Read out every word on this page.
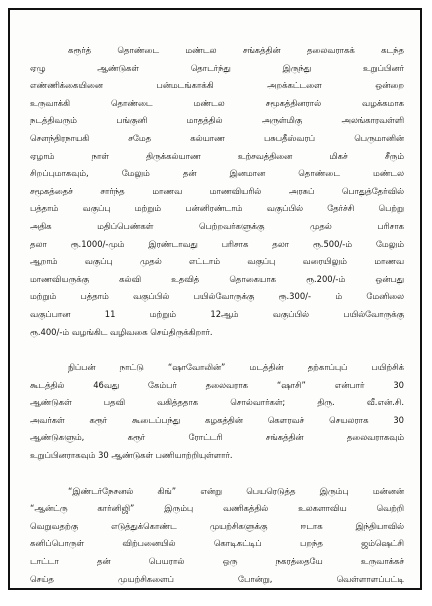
கரூர்த் தொண்டை மண்டல சங்கத்தின் தலைவராகக் கடந்த
ஏழு ஆண்டுகள் தொடர்ந்து இருந்து உறுப்பினர்
எண்ணிக்கையினை பன்மடங்காக்கி அறக்கட்டளை ஒன்றை
உருவாக்கி தொண்டை மண்டல சமூகத்தினரால் வழக்கமாக
நடத்திவரும் பங்குனி மாதத்தில் அருள்மிகு அலங்காரவள்ளி
சௌந்திரநாயகி சமேத கல்யாண பசுபதீஸ்வரப் பெருமானின்
ஏழாம் நாள் திருக்கல்யாண உற்சவத்தினை மிகச் சீரும்
சிறப்புமாகவும், மேலும் தன் இனமான தொண்டை மண்டல
சமூகத்தைச் சார்ந்த மாணவ மாணவியரில் அரசுப் பொதுத்தேர்வில்
பத்தாம் வகுப்பு மற்றும் பன்னிரண்டாம் வகுப்பில் தேர்ச்சி பெற்று
அதிக மதிப்பெண்கள் பெற்றவர்களுக்கு முதல் பரிசாக
தலா ரூ.1000/-மும் இரண்டாவது பரிசாக தலா ரூ.500/-ம் மேலும்
ஆறாம் வகுப்பு முதல் எட்டாம் வகுப்பு வரையிலும் மாணவ
மாணவியருக்கு கல்வி உதவித் தொகையாக ரூ.200/-ம் ஒன்பது
மற்றும் பத்தாம் வகுப்பில் பயில்வோருக்கு ரூ.300/- ம் மேனிலை
வகுப்பான 11 மற்றும் 12ஆம் வகுப்பில் பயில்வோருக்கு
ரூ.400/-ம் வழங்கிட வழிவகை செய்திருக்கிறார்.

நிப்பன் நாட்டு “ஷாவோலின்” மடத்தின் தற்காப்புப் பயிற்சிக்
கூடத்தில் 46வது கேம்பர் தலைவராக “ஷாசி” என்பார் 30
ஆண்டுகள் பதவி வகித்ததாக சொல்வார்கள்; திரு. வீ.என்.சி.
அவர்கள் கரூர் கூடைப்பந்து கழகத்தின் கௌரவச் செயலராக 30
ஆண்டுகளும், கரூர் ரோட்டரி சங்கத்தின் தலைவராகவும்
உறுப்பினராகவும் 30 ஆண்டுகள் பணியாற்றியுள்ளார்.

“இண்டர்நேசனல் கிங்” என்று பெயரெடுத்த இரும்பு மன்னன்
“ஆன்ட்ரு கார்னிஜி” இரும்பு வணிகத்தில் உலகளாவிய வெற்றி
வெறுவதற்கு எடுத்துக்கொண்ட முயற்சிகளுக்கு ஈடாக இந்தியாவில்
கனிப்பொருள் விற்பனையில் கொடிகட்டிப் பறந்த ஜம்ஷெட்சி
டாட்டா தன் பெயரால் ஒரு நகரத்தையே உருவாக்கச்
செய்த முயற்சிகளைப் போன்று, வெள்ளாளப்பட்டி
